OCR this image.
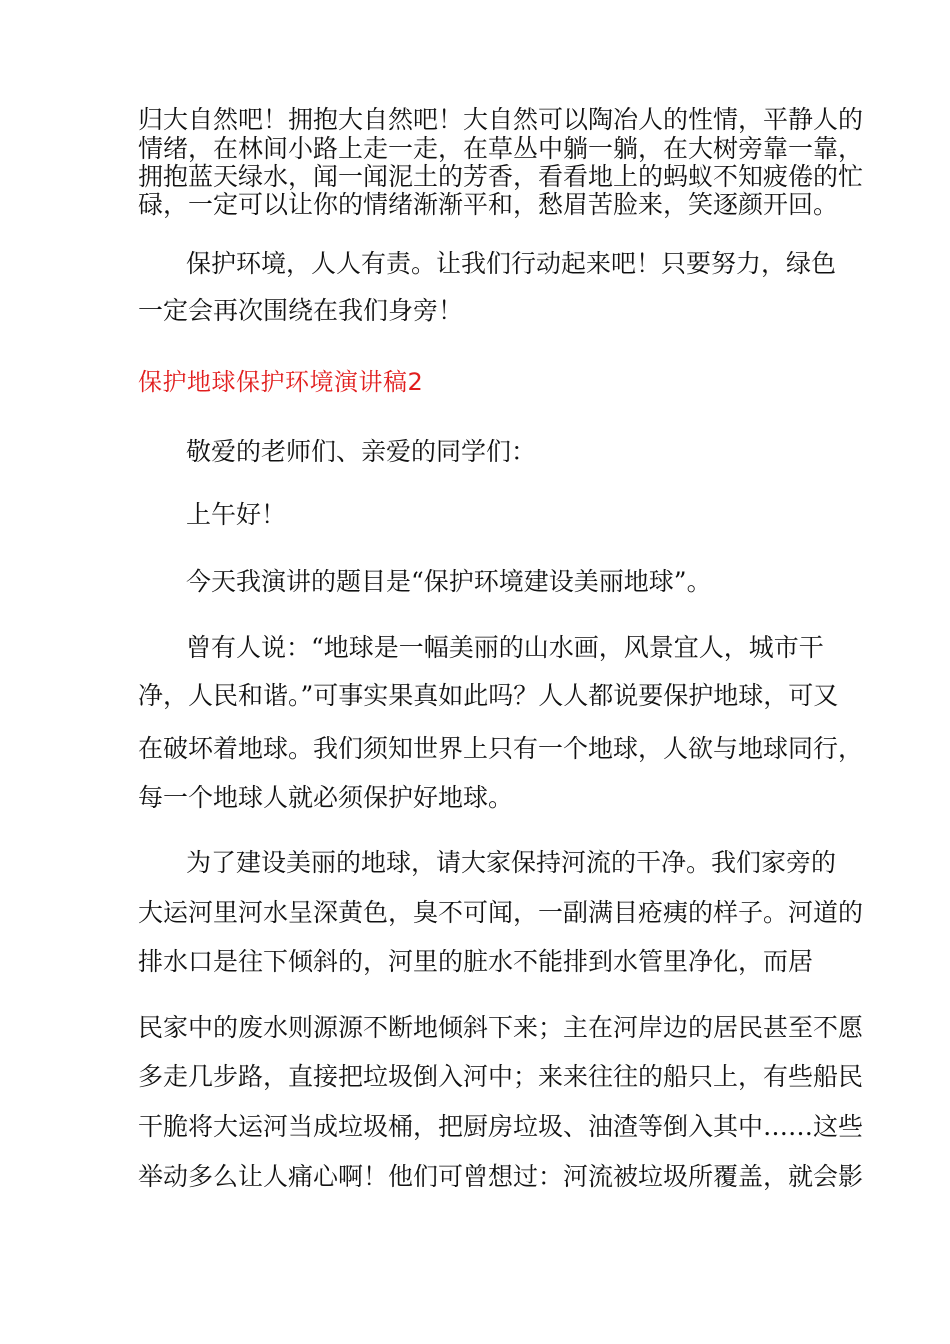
归大自然吧！拥抱大自然吧！大自然可以陶冶人的性情，平静人的
情绪，在林间小路上走一走，在草丛中躺一躺，在大树旁靠一靠，
拥抱蓝天绿水，闻一闻泥土的芳香，看看地上的蚂蚁不知疲倦的忙
碌，一定可以让你的情绪渐渐平和，愁眉苦脸来，笑逐颜开回。
保护环境，人人有责。让我们行动起来吧！只要努力，绿色
一定会再次围绕在我们身旁！
保护地球保护环境演讲稿2
敬爱的老师们、亲爱的同学们：
上午好！
今天我演讲的题目是“保护环境建设美丽地球”。
曾有人说：“地球是一幅美丽的山水画，风景宜人，城市干
净，人民和谐。”可事实果真如此吗？人人都说要保护地球，可又
在破坏着地球。我们须知世界上只有一个地球，人欲与地球同行，
每一个地球人就必须保护好地球。
为了建设美丽的地球，请大家保持河流的干净。我们家旁的
大运河里河水呈深黄色，臭不可闻，一副满目疮痍的样子。河道的
排水口是往下倾斜的，河里的脏水不能排到水管里净化，而居
民家中的废水则源源不断地倾斜下来；主在河岸边的居民甚至不愿
多走几步路，直接把垃圾倒入河中；来来往往的船只上，有些船民
干脆将大运河当成垃圾桶，把厨房垃圾、油渣等倒入其中……这些
举动多么让人痛心啊！他们可曾想过：河流被垃圾所覆盖，就会影
